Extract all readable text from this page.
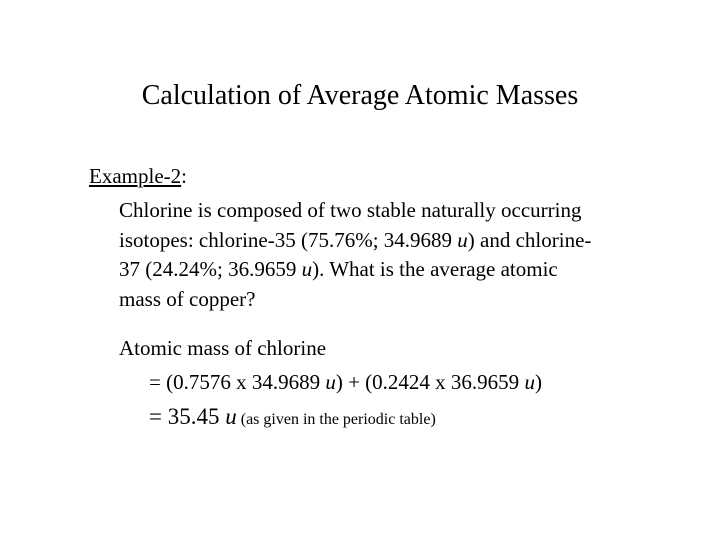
Calculation of Average Atomic Masses
Example-2:
Chlorine is composed of two stable naturally occurring
isotopes: chlorine-35 (75.76%; 34.9689 u) and chlorine-
37 (24.24%; 36.9659 u). What is the average atomic
mass of copper?
Atomic mass of chlorine
= (0.7576 x 34.9689 u) + (0.2424 x 36.9659 u)
= 35.45 u (as given in the periodic table)
